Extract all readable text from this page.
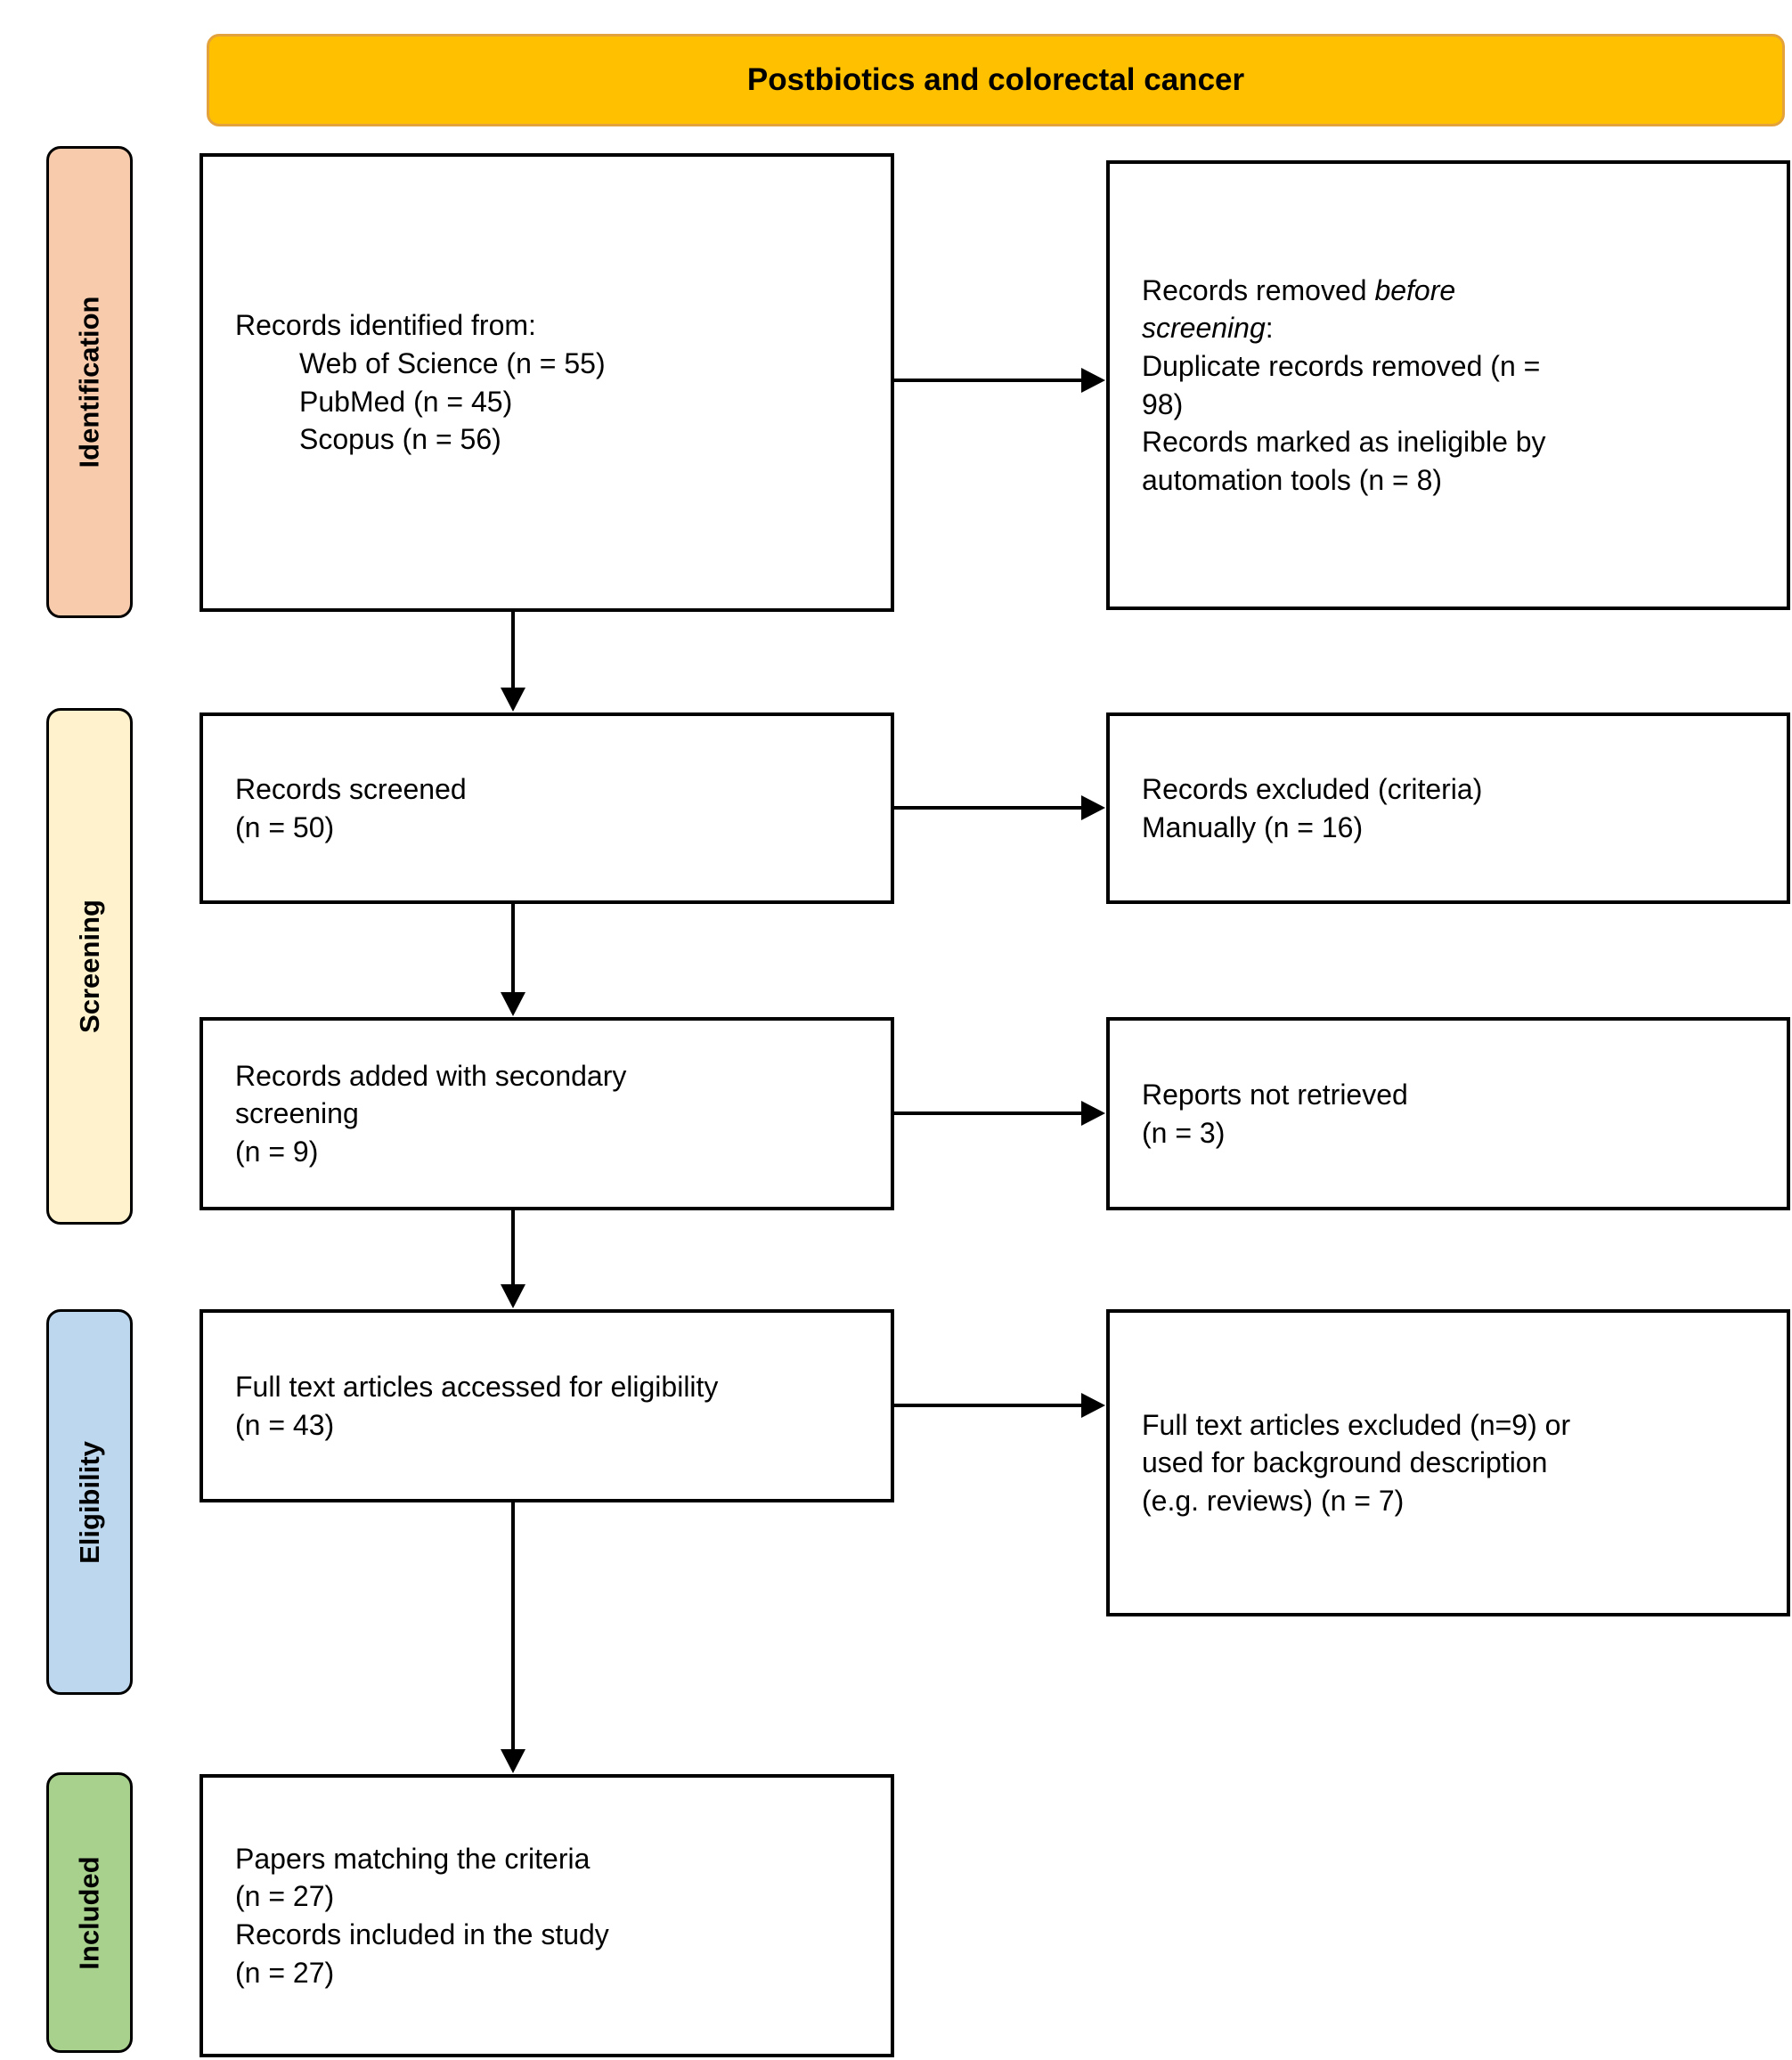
Postbiotics and colorectal cancer
Identification
Screening
Eligibility
Included
Records identified from:
Web of Science (n = 55)
PubMed (n = 45)
Scopus (n = 56)
Records screened
(n = 50)
Records added with secondary screening
(n = 9)
Full text articles accessed for eligibility (n = 43)
Papers matching the criteria
(n = 27)
Records included in the study
(n = 27)
Records removed before screening:
Duplicate records removed (n = 98)
Records marked as ineligible by automation tools (n = 8)
Records excluded (criteria)
Manually (n = 16)
Reports not retrieved
(n = 3)
Full text articles excluded (n=9) or used for background description (e.g. reviews) (n = 7)
